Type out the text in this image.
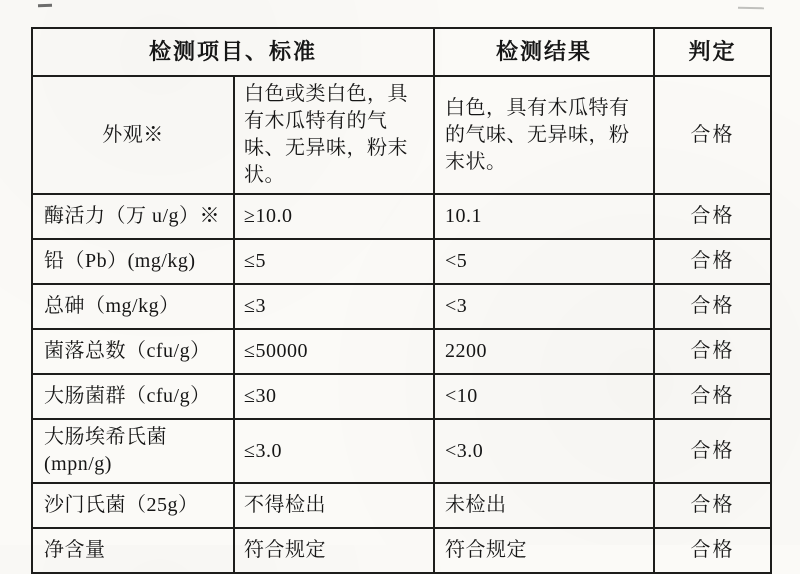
检测项目、标准		检测结果	判定
外观※	白色或类白色，具有木瓜特有的气味、无异味，粉末状。	白色，具有木瓜特有的气味、无异味，粉末状。	合格
酶活力（万 u/g）※	≥10.0	10.1	合格
铅（Pb）(mg/kg)	≤5	<5	合格
总砷（mg/kg）	≤3	<3	合格
菌落总数（cfu/g）	≤50000	2200	合格
大肠菌群（cfu/g）	≤30	<10	合格
大肠埃希氏菌(mpn/g)	≤3.0	<3.0	合格
沙门氏菌（25g）	不得检出	未检出	合格
净含量	符合规定	符合规定	合格
